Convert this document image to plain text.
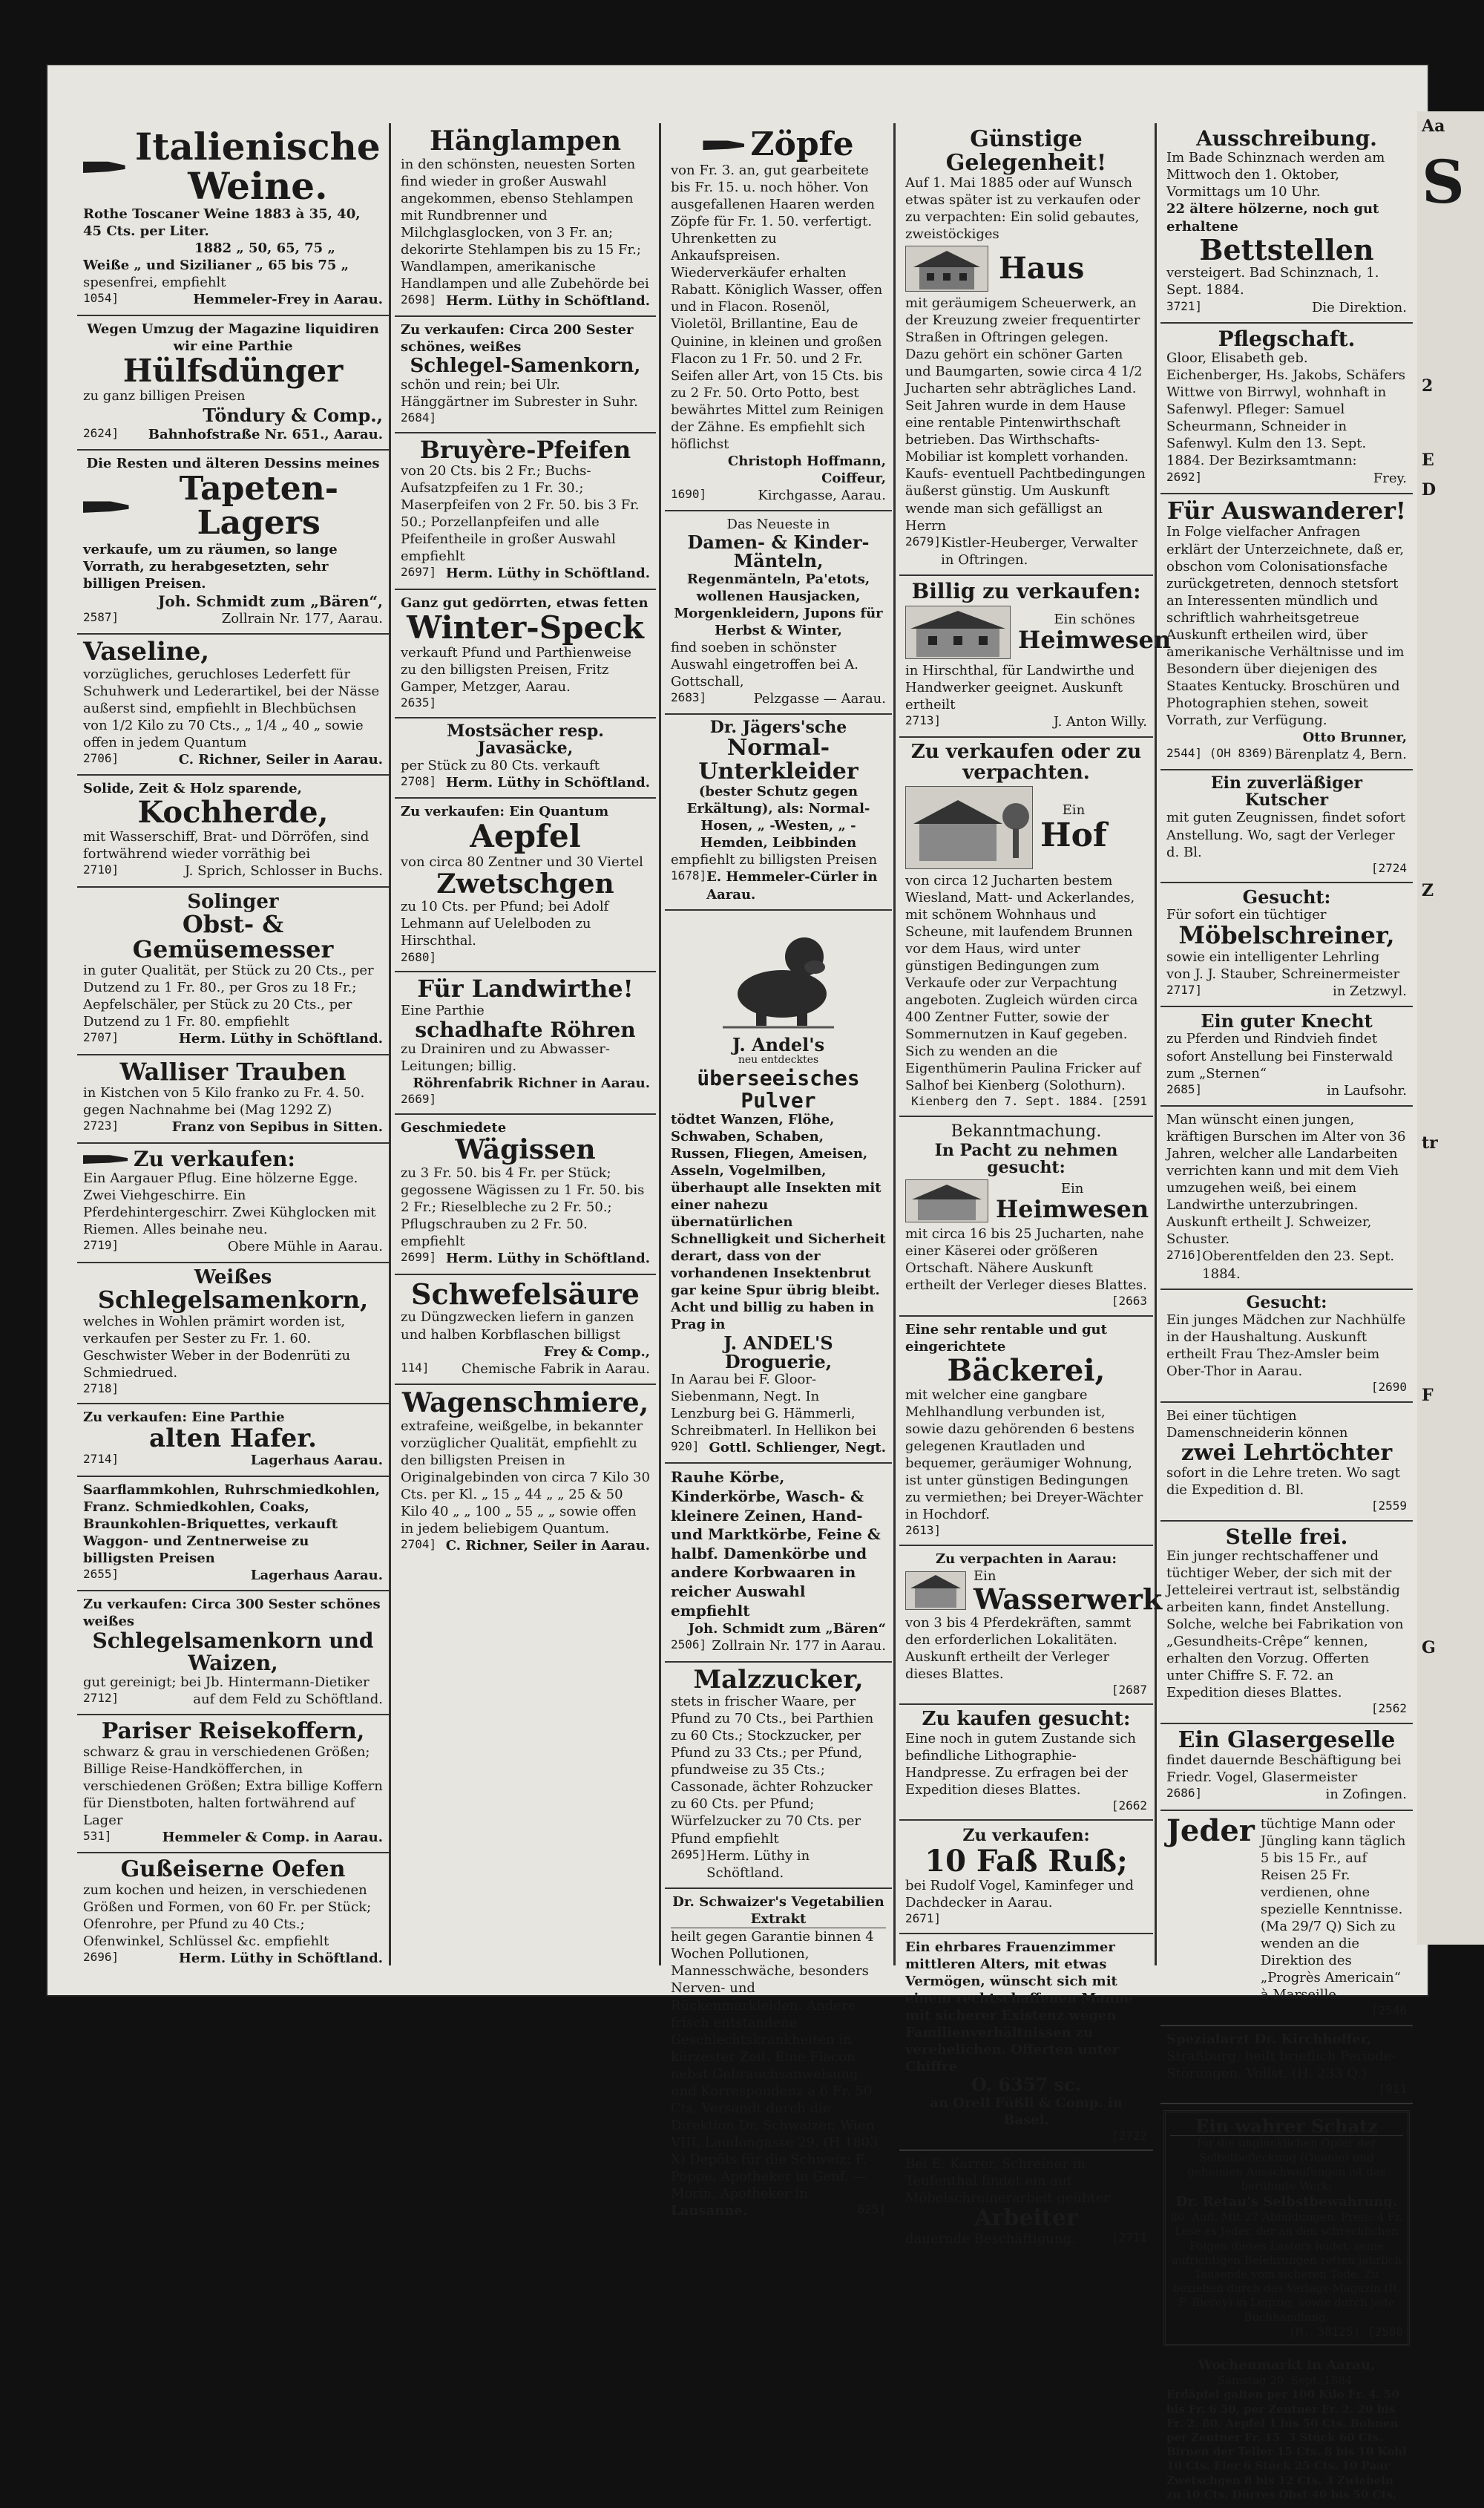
Italienische Weine.
Rothe Toscaner Weine 1883 à 35, 40, 45 Cts. per Liter.
1882 „ 50, 65, 75 „
Weiße „ und Sizilianer „ 65 bis 75 „
spesenfrei, empfiehlt
1054]	Hemmeler-Frey in Aarau.
Wegen Umzug der Magazine liquidiren wir eine Parthie
Hülfsdünger
zu ganz billigen Preisen
Töndury & Comp.,
2624] Bahnhofstraße Nr. 651., Aarau.
Die Resten und älteren Dessins meines
Tapeten-Lagers
verkaufe, um zu räumen, so lange Vorrath, zu herabgesetzten, sehr billigen Preisen.
Joh. Schmidt zum „Bären“,
2587]	Zollrain Nr. 177, Aarau.
Vaseline,
vorzügliches, geruchloses Lederfett für Schuhwerk und Lederartikel, bei der Nässe außerst sind, empfiehlt in Blechbüchsen von 1/2 Kilo zu 70 Cts., „ 1/4 „ 40 „ sowie offen in jedem Quantum
2706]	C. Richner, Seiler in Aarau.
Solide, Zeit & Holz sparende,
Kochherde,
mit Wasserschiff, Brat- und Dörröfen, sind fortwährend wieder vorräthig bei
2710]	J. Sprich, Schlosser in Buchs.
Solinger
Obst- & Gemüsemesser
in guter Qualität, per Stück zu 20 Cts., per Dutzend zu 1 Fr. 80., per Gros zu 18 Fr.; Aepfelschäler, per Stück zu 20 Cts., per Dutzend zu 1 Fr. 80. empfiehlt
2707]	Herm. Lüthy in Schöftland.
Walliser Trauben
in Kistchen von 5 Kilo franko zu Fr. 4. 50. gegen Nachnahme bei (Mag 1292 Z)
2723]	Franz von Sepibus in Sitten.
Zu verkaufen:
Ein Aargauer Pflug. Eine hölzerne Egge. Zwei Viehgeschirre. Ein Pferdehintergeschirr. Zwei Kühglocken mit Riemen. Alles beinahe neu.
2719]	Obere Mühle in Aarau.
Weißes
Schlegelsamenkorn,
welches in Wohlen prämirt worden ist, verkaufen per Sester zu Fr. 1. 60. Geschwister Weber in der Bodenrüti zu Schmiedrued.
2718]
Zu verkaufen: Eine Parthie
alten Hafer.
2714]	Lagerhaus Aarau.
Saarflammkohlen, Ruhrschmiedkohlen, Franz. Schmiedkohlen, Coaks, Braunkohlen-Briquettes, verkauft Waggon- und Zentnerweise zu billigsten Preisen
2655]	Lagerhaus Aarau.
Zu verkaufen: Circa 300 Sester schönes weißes
Schlegelsamenkorn und Waizen,
gut gereinigt; bei Jb. Hintermann-Dietiker
2712]	auf dem Feld zu Schöftland.
Pariser Reisekoffern,
schwarz & grau in verschiedenen Größen; Billige Reise-Handköfferchen, in verschiedenen Größen; Extra billige Koffern für Dienstboten, halten fortwährend auf Lager
531]	Hemmeler & Comp. in Aarau.
Gußeiserne Oefen
zum kochen und heizen, in verschiedenen Größen und Formen, von 60 Fr. per Stück; Ofenrohre, per Pfund zu 40 Cts.; Ofenwinkel, Schlüssel &c. empfiehlt
2696]	Herm. Lüthy in Schöftland.
Hänglampen
in den schönsten, neuesten Sorten find wieder in großer Auswahl angekommen, ebenso Stehlampen mit Rundbrenner und Milchglasglocken, von 3 Fr. an; dekorirte Stehlampen bis zu 15 Fr.; Wandlampen, amerikanische Handlampen und alle Zubehörde bei
2698] Herm. Lüthy in Schöftland.
Zu verkaufen: Circa 200 Sester schönes, weißes
Schlegel-Samenkorn,
schön und rein; bei Ulr. Hänggärtner im Subrester in Suhr.
2684]
Bruyère-Pfeifen
von 20 Cts. bis 2 Fr.; Buchs-Aufsatzpfeifen zu 1 Fr. 30.; Maserpfeifen von 2 Fr. 50. bis 3 Fr. 50.; Porzellanpfeifen und alle Pfeifentheile in großer Auswahl empfiehlt
2697] Herm. Lüthy in Schöftland.
Ganz gut gedörrten, etwas fetten
Winter-Speck
verkauft Pfund und Parthienweise zu den billigsten Preisen, Fritz Gamper, Metzger, Aarau.
2635]
Mostsächer resp. Javasäcke,
per Stück zu 80 Cts. verkauft
2708] Herm. Lüthy in Schöftland.
Zu verkaufen: Ein Quantum
Aepfel
von circa 80 Zentner und 30 Viertel
Zwetschgen
zu 10 Cts. per Pfund; bei Adolf Lehmann auf Uelelboden zu Hirschthal.
2680]
Für Landwirthe!
Eine Parthie
schadhafte Röhren
zu Drainiren und zu Abwasser-Leitungen; billig.
Röhrenfabrik Richner in Aarau.
2669]
Geschmiedete
Wägissen
zu 3 Fr. 50. bis 4 Fr. per Stück; gegossene Wägissen zu 1 Fr. 50. bis 2 Fr.; Rieselbleche zu 2 Fr. 50.; Pflugschrauben zu 2 Fr. 50. empfiehlt
2699] Herm. Lüthy in Schöftland.
Schwefelsäure
zu Düngzwecken liefern in ganzen und halben Korbflaschen billigst
Frey & Comp.,
114] Chemische Fabrik in Aarau.
Wagenschmiere,
extrafeine, weißgelbe, in bekannter vorzüglicher Qualität, empfiehlt zu den billigsten Preisen in Originalgebinden von circa 7 Kilo 30 Cts. per Kl. „ 15 „ 44 „ „ 25 & 50 Kilo 40 „ „ 100 „ 55 „ „ sowie offen in jedem beliebigem Quantum.
2704] C. Richner, Seiler in Aarau.
Zöpfe
von Fr. 3. an, gut gearbeitete bis Fr. 15. u. noch höher. Von ausgefallenen Haaren werden Zöpfe für Fr. 1. 50. verfertigt. Uhrenketten zu Ankaufspreisen. Wiederverkäufer erhalten Rabatt. Königlich Wasser, offen und in Flacon. Rosenöl, Violetöl, Brillantine, Eau de Quinine, in kleinen und großen Flacon zu 1 Fr. 50. und 2 Fr. Seifen aller Art, von 15 Cts. bis zu 2 Fr. 50. Orto Potto, best bewährtes Mittel zum Reinigen der Zähne. Es empfiehlt sich höflichst
Christoph Hoffmann, Coiffeur,
1690]	Kirchgasse, Aarau.
Das Neueste in
Damen- & Kinder-Mänteln,
Regenmänteln, Pa'etots, wollenen Hausjacken, Morgenkleidern, Jupons für Herbst & Winter,
find soeben in schönster Auswahl eingetroffen bei A. Gottschall,
2683]	Pelzgasse — Aarau.
Dr. Jägers'sche
Normal-Unterkleider
(bester Schutz gegen Erkältung), als: Normal-Hosen, „ -Westen, „ -Hemden, Leibbinden
empfiehlt zu billigsten Preisen
1678] E. Hemmeler-Cürler in Aarau.
J. Andel's
neu entdecktes
überseeisches Pulver
tödtet Wanzen, Flöhe, Schwaben, Schaben, Russen, Fliegen, Ameisen, Asseln, Vogelmilben, überhaupt alle Insekten mit einer nahezu übernatürlichen Schnelligkeit und Sicherheit derart, dass von der vorhandenen Insektenbrut gar keine Spur übrig bleibt. Acht und billig zu haben in Prag in
J. ANDEL'S Droguerie,
In Aarau bei F. Gloor-Siebenmann, Negt. In Lenzburg bei G. Hämmerli, Schreibmaterl. In Hellikon bei
920] Gottl. Schlienger, Negt.
Rauhe Körbe, Kinderkörbe, Wasch- & kleinere Zeinen, Hand- und Marktkörbe, Feine & halbf. Damenkörbe und andere Korbwaaren in reicher Auswahl empfiehlt
Joh. Schmidt zum „Bären“
2506] Zollrain Nr. 177 in Aarau.
Malzzucker,
stets in frischer Waare, per Pfund zu 70 Cts., bei Parthien zu 60 Cts.; Stockzucker, per Pfund zu 33 Cts.; per Pfund, pfundweise zu 35 Cts.; Cassonade, ächter Rohzucker zu 60 Cts. per Pfund; Würfelzucker zu 70 Cts. per Pfund empfiehlt
2695] Herm. Lüthy in Schöftland.
Dr. Schwaizer's Vegetabilien Extrakt
heilt gegen Garantie binnen 4 Wochen Pollutionen, Mannesschwäche, besonders Nerven- und Rückenmarkleiden. Andere frisch entstandene Geschlechtskrankheiten in kürzester Zeit. Eine Flacon nebst Gebrauchsanweisung und Korrespondenz à 6 Fr. 50 Cts. Versandt durch die Direktion Dr. Schwaizer, Wien VIII, Laudongasse 29. (H 1803 X) Depôts für die Schweiz: F. Poppe, Apotheker in Genf. — Morin, Apotheker in
Lausanne.	625]
Günstige Gelegenheit!
Auf 1. Mai 1885 oder auf Wunsch etwas später ist zu verkaufen oder zu verpachten: Ein solid gebautes, zweistöckiges
Haus
mit geräumigem Scheuerwerk, an der Kreuzung zweier frequentirter Straßen in Oftringen gelegen. Dazu gehört ein schöner Garten und Baumgarten, sowie circa 4 1/2 Jucharten sehr abträgliches Land. Seit Jahren wurde in dem Hause eine rentable Pintenwirthschaft betrieben. Das Wirthschafts-Mobiliar ist komplett vorhanden. Kaufs- eventuell Pachtbedingungen äußerst günstig. Um Auskunft wende man sich gefälligst an Herrn
2679] Kistler-Heuberger, Verwalter in Oftringen.
Billig zu verkaufen:
Ein schönes
Heimwesen
in Hirschthal, für Landwirthe und Handwerker geeignet. Auskunft ertheilt
2713]	J. Anton Willy.
Zu verkaufen oder zu verpachten.
Ein
Hof
von circa 12 Jucharten bestem Wiesland, Matt- und Ackerlandes, mit schönem Wohnhaus und Scheune, mit laufendem Brunnen vor dem Haus, wird unter günstigen Bedingungen zum Verkaufe oder zur Verpachtung angeboten. Zugleich würden circa 400 Zentner Futter, sowie der Sommernutzen in Kauf gegeben. Sich zu wenden an die Eigenthümerin Paulina Fricker auf Salhof bei Kienberg (Solothurn).
Kienberg den 7. Sept. 1884. [2591
Bekanntmachung.
In Pacht zu nehmen gesucht:
Ein
Heimwesen
mit circa 16 bis 25 Jucharten, nahe einer Käserei oder größeren Ortschaft. Nähere Auskunft ertheilt der Verleger dieses Blattes.
[2663
Eine sehr rentable und gut eingerichtete
Bäckerei,
mit welcher eine gangbare Mehlhandlung verbunden ist, sowie dazu gehörenden 6 bestens gelegenen Krautladen und bequemer, geräumiger Wohnung, ist unter günstigen Bedingungen zu vermiethen; bei Dreyer-Wächter in Hochdorf.
2613]
Zu verpachten in Aarau:
Ein
Wasserwerk
von 3 bis 4 Pferdekräften, sammt den erforderlichen Lokalitäten. Auskunft ertheilt der Verleger dieses Blattes.
[2687
Zu kaufen gesucht:
Eine noch in gutem Zustande sich befindliche Lithographie-Handpresse. Zu erfragen bei der Expedition dieses Blattes.
[2662
Zu verkaufen:
10 Faß Ruß;
bei Rudolf Vogel, Kaminfeger und Dachdecker in Aarau.
2671]
Ein ehrbares Frauenzimmer mittleren Alters, mit etwas Vermögen, wünscht sich mit einem rechtschaffenen Manne mit sicherer Existenz wegen Familienverhältnissen zu verehelichen. Offerten unter Chiffre
O. 6357 sc.
an Orell Füßli & Comp. in Basel.
[2722
Bei E. Karrer, Schreiner in Teufenthal findet ein auf Möbelschreinerarbeit geübter
Arbeiter
dauernde Beschäftigung.	[2711
Ausschreibung.
Im Bade Schinznach werden am Mittwoch den 1. Oktober, Vormittags um 10 Uhr.
22 ältere hölzerne, noch gut erhaltene
Bettstellen
versteigert. Bad Schinznach, 1. Sept. 1884.
3721]	Die Direktion.
Pflegschaft.
Gloor, Elisabeth geb. Eichenberger, Hs. Jakobs, Schäfers Wittwe von Birrwyl, wohnhaft in Safenwyl. Pfleger: Samuel Scheurmann, Schneider in Safenwyl. Kulm den 13. Sept. 1884. Der Bezirksamtmann:
2692]	Frey.
Für Auswanderer!
In Folge vielfacher Anfragen erklärt der Unterzeichnete, daß er, obschon vom Colonisationsfache zurückgetreten, dennoch stetsfort an Interessenten mündlich und schriftlich wahrheitsgetreue Auskunft ertheilen wird, über amerikanische Verhältnisse und im Besondern über diejenigen des Staates Kentucky. Broschüren und Photographien stehen, soweit Vorrath, zur Verfügung.
Otto Brunner,
2544] (OH 8369) Bärenplatz 4, Bern.
Ein zuverläßiger Kutscher
mit guten Zeugnissen, findet sofort Anstellung. Wo, sagt der Verleger d. Bl.
[2724
Gesucht:
Für sofort ein tüchtiger
Möbelschreiner,
sowie ein intelligenter Lehrling von J. J. Stauber, Schreinermeister
2717]	in Zetzwyl.
Ein guter Knecht
zu Pferden und Rindvieh findet sofort Anstellung bei Finsterwald zum „Sternen“
2685]	in Laufsohr.
Man wünscht einen jungen, kräftigen Burschen im Alter von 36 Jahren, welcher alle Landarbeiten verrichten kann und mit dem Vieh umzugehen weiß, bei einem Landwirthe unterzubringen. Auskunft ertheilt J. Schweizer, Schuster.
2716] Oberentfelden den 23. Sept. 1884.
Gesucht:
Ein junges Mädchen zur Nachhülfe in der Haushaltung. Auskunft ertheilt Frau Thez-Amsler beim Ober-Thor in Aarau.
[2690
Bei einer tüchtigen Damenschneiderin können
zwei Lehrtöchter
sofort in die Lehre treten. Wo sagt die Expedition d. Bl.
[2559
Stelle frei.
Ein junger rechtschaffener und tüchtiger Weber, der sich mit der Jetteleirei vertraut ist, selbständig arbeiten kann, findet Anstellung. Solche, welche bei Fabrikation von „Gesundheits-Crêpe“ kennen, erhalten den Vorzug. Offerten unter Chiffre S. F. 72. an Expedition dieses Blattes.
[2562
Ein Glasergeselle
findet dauernde Beschäftigung bei Friedr. Vogel, Glasermeister
2686]	in Zofingen.
Jeder tüchtige Mann oder Jüngling kann täglich 5 bis 15 Fr., auf Reisen 25 Fr. verdienen, ohne spezielle Kenntnisse. (Ma 29/7 Q) Sich zu wenden an die Direktion des „Progrès Americain“ à Marseille.
[2546
Spezialarzt Dr. Kirchhoffer,
Straßburg, heilt brieflich Periode-Störungen. Vollst. (H. 233 Q.)
[911
Ein wahrer Schatz
für die unglücklichen Opfer der Selbstbefleckung (Onanie) und geheimen Ausschweifungen ist das berühmte Werk:
Dr. Retau's Selbstbewahrung.
80. Aufl. Mit 27 Abbildungen. Preis: 4 Fr. Lese es Jeder, der an den schrecklichen Folgen dieses Lasters leidet, seine aufrichtigen Belehrungen retten jährlich Tausende vom sicheren Tode. Zu beziehen durch das Verlags-Magazin (R. F. Bierey) in Leipzig, sowie durch jede Buchhandlung.
(M. 38125) [2580
Wochenmarkt in Aarau,
Samstag 20. Sept. 1884.
Erdäpfel galten per 100 Kilo Fr. 4. 50 bis Fr. 6 50, per Zentner Fr. 2. 20 bis Fr. 2. 80. Aepfel 1 bis 50 Cts. Bohnen per Zentner Fr. 15. 3 Stück 60 Cts. Birnen der Teller 15 Cts. 8 bis 10 Kohl 10 Cts. Eier 6 Stück 25 Cts. 10 Paar Zwetschgen 8 bis 12 Cts. 3 Zwiebeln zu 10 Cts. Dürres Obst 40 bis 50 Cts.
Aa
S
2
E
D
Z
tr
F
G
